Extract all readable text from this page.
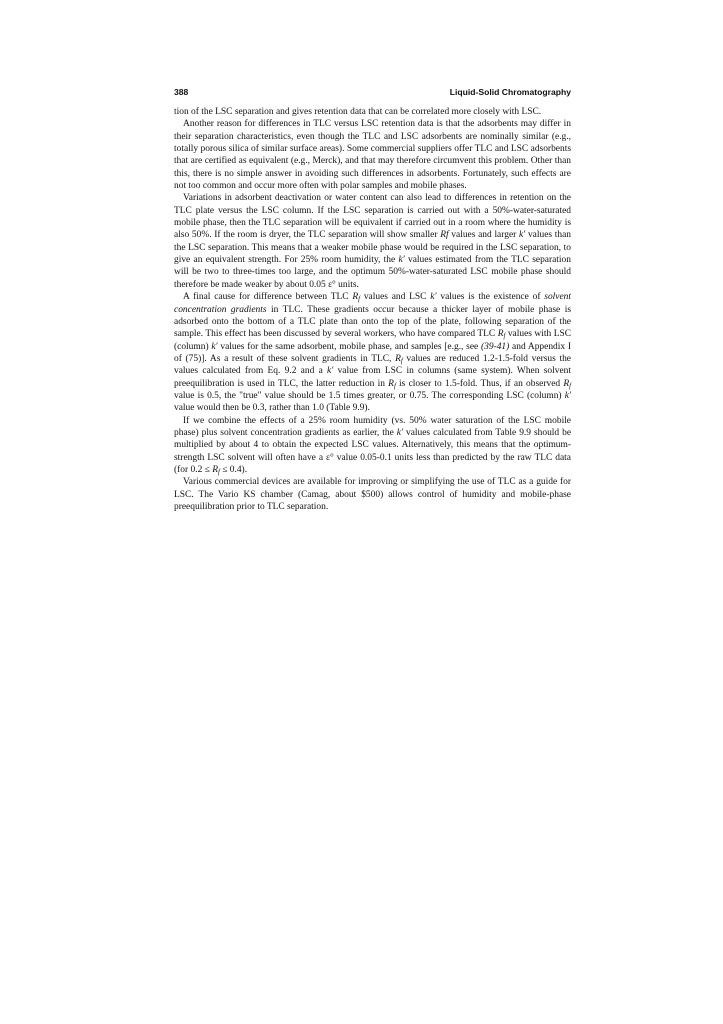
388	Liquid-Solid Chromatography

tion of the LSC separation and gives retention data that can be correlated more closely with LSC.

Another reason for differences in TLC versus LSC retention data is that the adsorbents may differ in their separation characteristics, even though the TLC and LSC adsorbents are nominally similar (e.g., totally porous silica of similar surface areas). Some commercial suppliers offer TLC and LSC adsorbents that are certified as equivalent (e.g., Merck), and that may therefore circumvent this problem. Other than this, there is no simple answer in avoiding such differences in adsorbents. Fortunately, such effects are not too common and occur more often with polar samples and mobile phases.

Variations in adsorbent deactivation or water content can also lead to differences in retention on the TLC plate versus the LSC column. If the LSC separation is carried out with a 50%-water-saturated mobile phase, then the TLC separation will be equivalent if carried out in a room where the humidity is also 50%. If the room is dryer, the TLC separation will show smaller Rf values and larger k′ values than the LSC separation. This means that a weaker mobile phase would be required in the LSC separation, to give an equivalent strength. For 25% room humidity, the k′ values estimated from the TLC separation will be two to three-times too large, and the optimum 50%-water-saturated LSC mobile phase should therefore be made weaker by about 0.05 ε° units.

A final cause for difference between TLC $R_f$ values and LSC k′ values is the existence of solvent concentration gradients in TLC. These gradients occur because a thicker layer of mobile phase is adsorbed onto the bottom of a TLC plate than onto the top of the plate, following separation of the sample. This effect has been discussed by several workers, who have compared TLC $R_f$ values with LSC (column) k′ values for the same adsorbent, mobile phase, and samples [e.g., see (39-41) and Appendix I of (75)]. As a result of these solvent gradients in TLC, $R_f$ values are reduced 1.2-1.5-fold versus the values calculated from Eq. 9.2 and a k′ value from LSC in columns (same system). When solvent preequilibration is used in TLC, the latter reduction in $R_f$ is closer to 1.5-fold. Thus, if an observed $R_f$ value is 0.5, the "true" value should be 1.5 times greater, or 0.75. The corresponding LSC (column) k′ value would then be 0.3, rather than 1.0 (Table 9.9).

If we combine the effects of a 25% room humidity (vs. 50% water saturation of the LSC mobile phase) plus solvent concentration gradients as earlier, the k′ values calculated from Table 9.9 should be multiplied by about 4 to obtain the expected LSC values. Alternatively, this means that the optimum-strength LSC solvent will often have a ε° value 0.05-0.1 units less than predicted by the raw TLC data (for $0.2 \le R_f \le 0.4$).

Various commercial devices are available for improving or simplifying the use of TLC as a guide for LSC. The Vario KS chamber (Camag, about $500) allows control of humidity and mobile-phase preequilibration prior to TLC separation.
